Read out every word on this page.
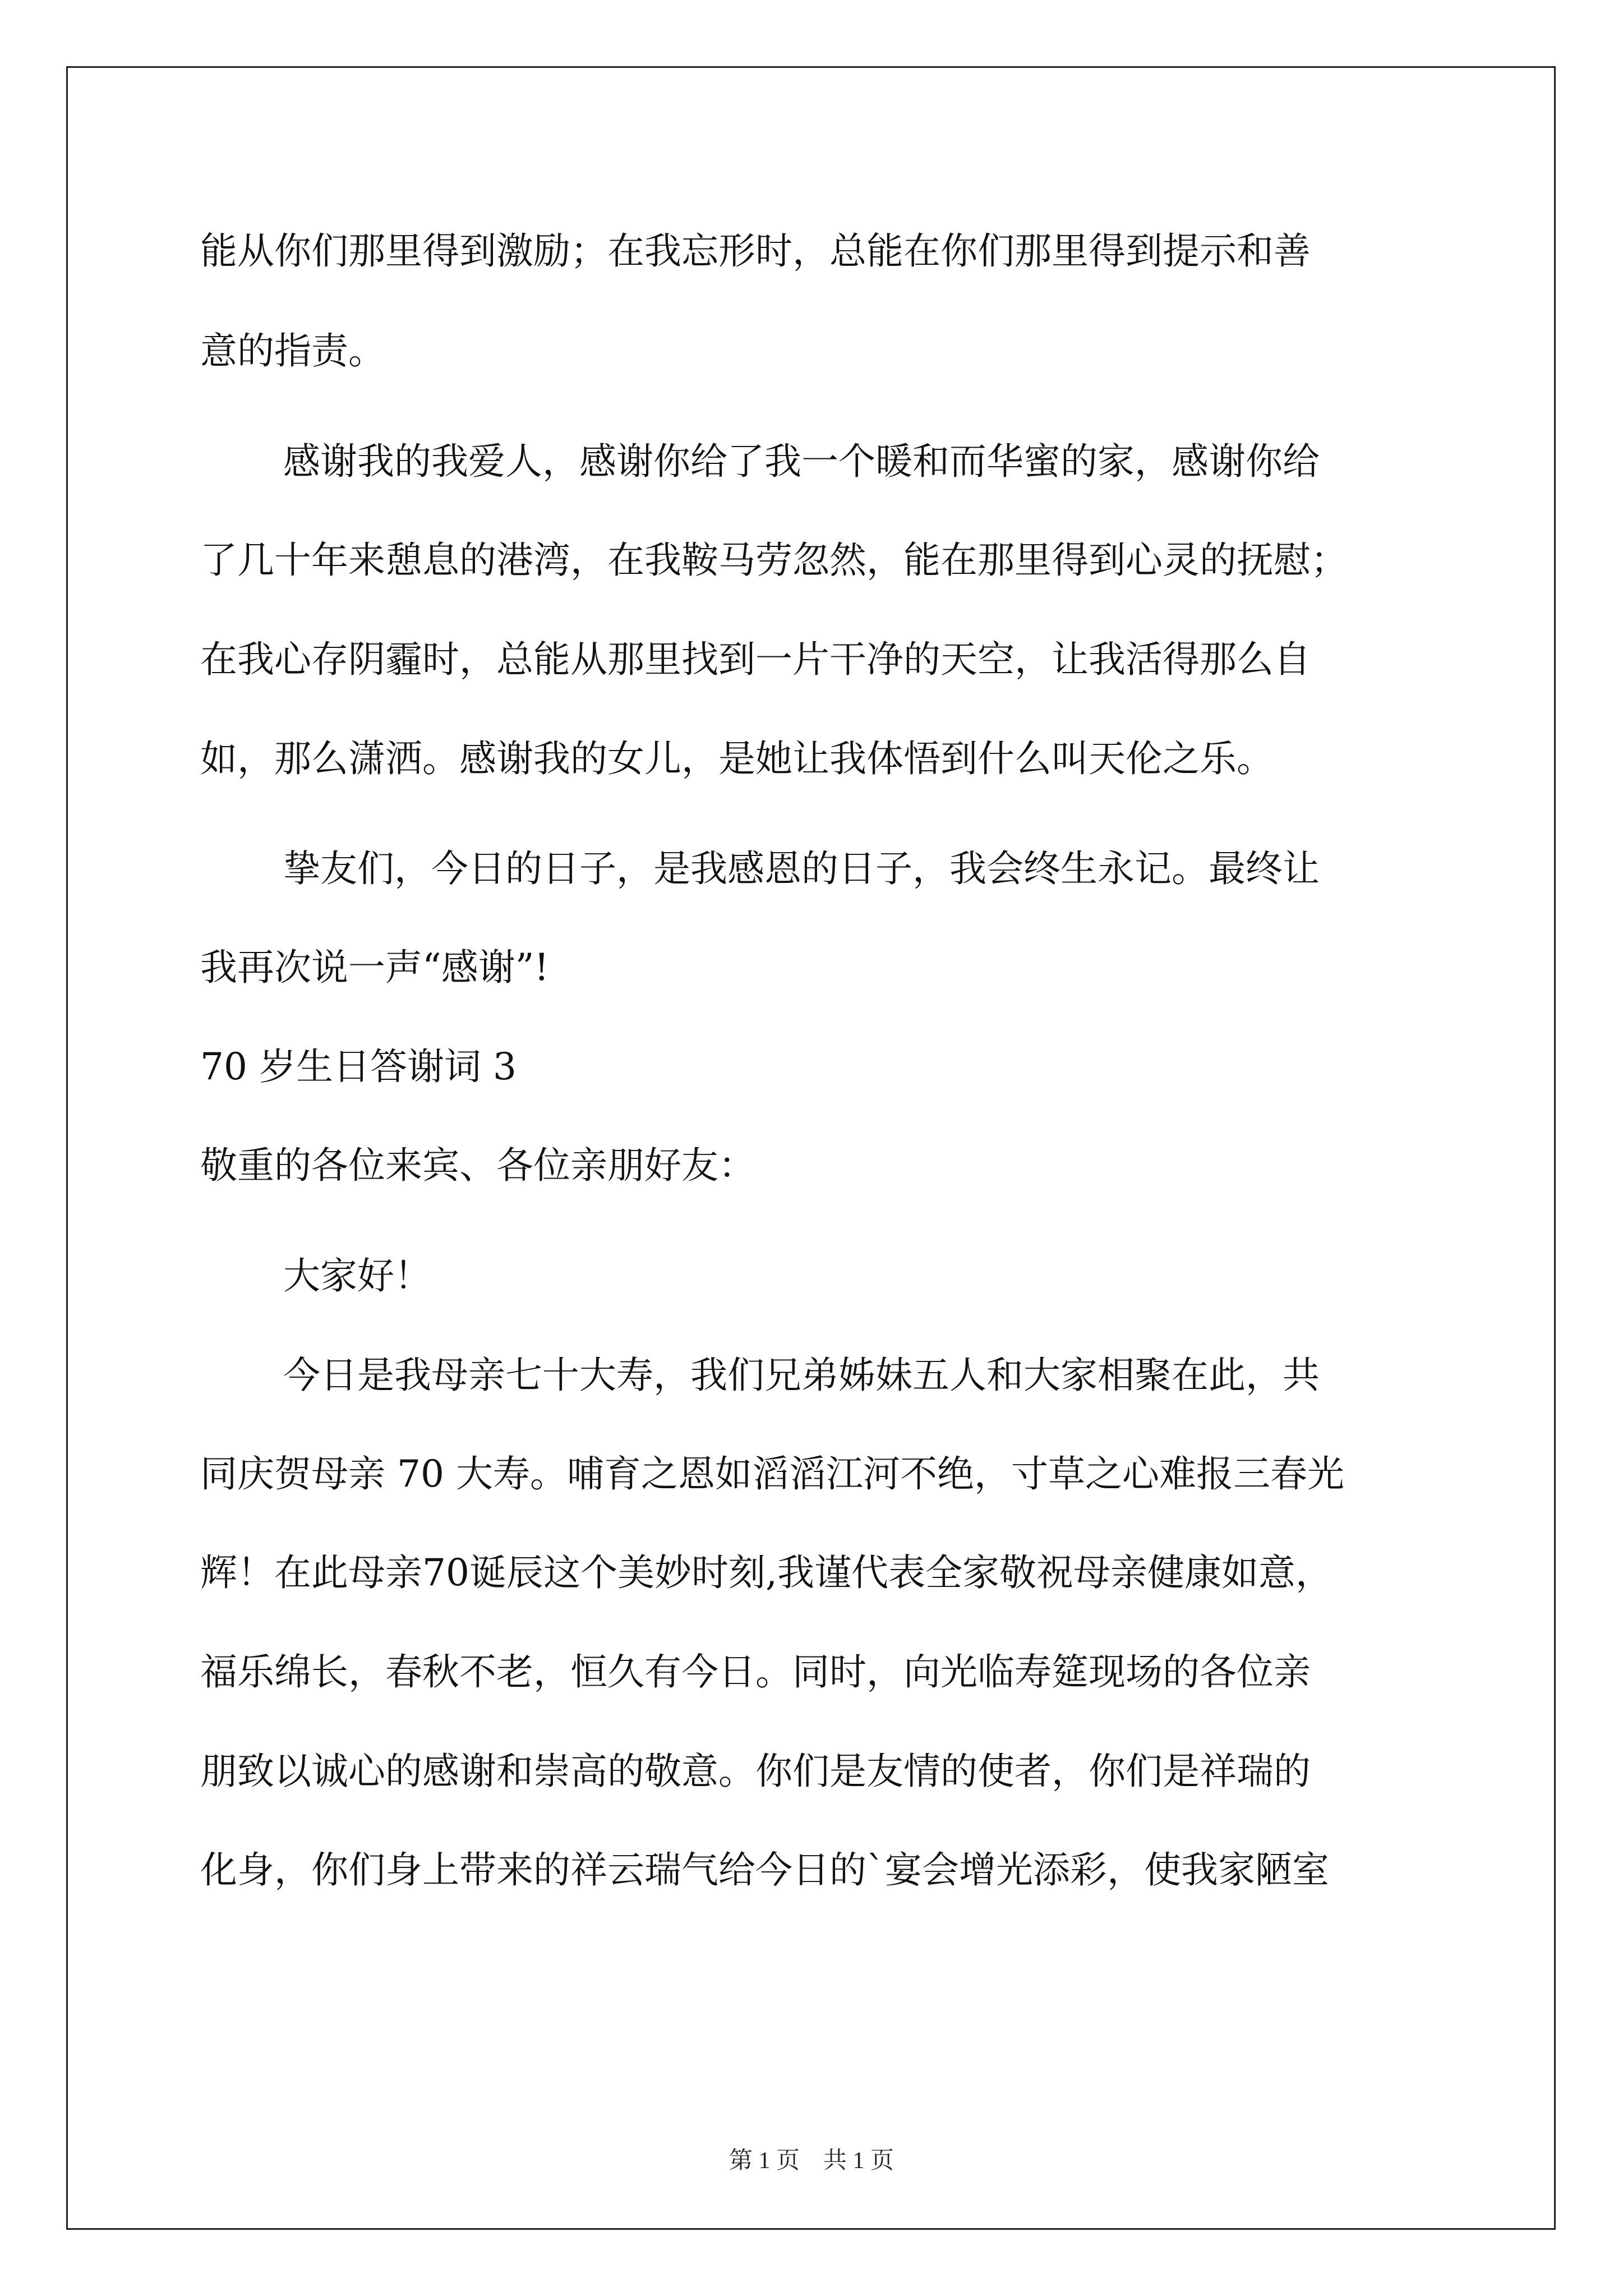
能从你们那里得到激励；在我忘形时，总能在你们那里得到提示和善
意的指责。
感谢我的我爱人，感谢你给了我一个暖和而华蜜的家，感谢你给
了几十年来憩息的港湾，在我鞍马劳忽然，能在那里得到心灵的抚慰；
在我心存阴霾时，总能从那里找到一片干净的天空，让我活得那么自
如，那么潇洒。感谢我的女儿，是她让我体悟到什么叫天伦之乐。
挚友们，今日的日子，是我感恩的日子，我会终生永记。最终让
我再次说一声“感谢”!
70 岁生日答谢词 3
敬重的各位来宾、各位亲朋好友：
大家好！
今日是我母亲七十大寿，我们兄弟姊妹五人和大家相聚在此，共
同庆贺母亲 70 大寿。哺育之恩如滔滔江河不绝，寸草之心难报三春光
辉！在此母亲70诞辰这个美妙时刻,我谨代表全家敬祝母亲健康如意，
福乐绵长，春秋不老，恒久有今日。同时，向光临寿筵现场的各位亲
朋致以诚心的感谢和崇高的敬意。你们是友情的使者，你们是祥瑞的
化身，你们身上带来的祥云瑞气给今日的`宴会增光添彩，使我家陋室
第 1 页　共 1 页
